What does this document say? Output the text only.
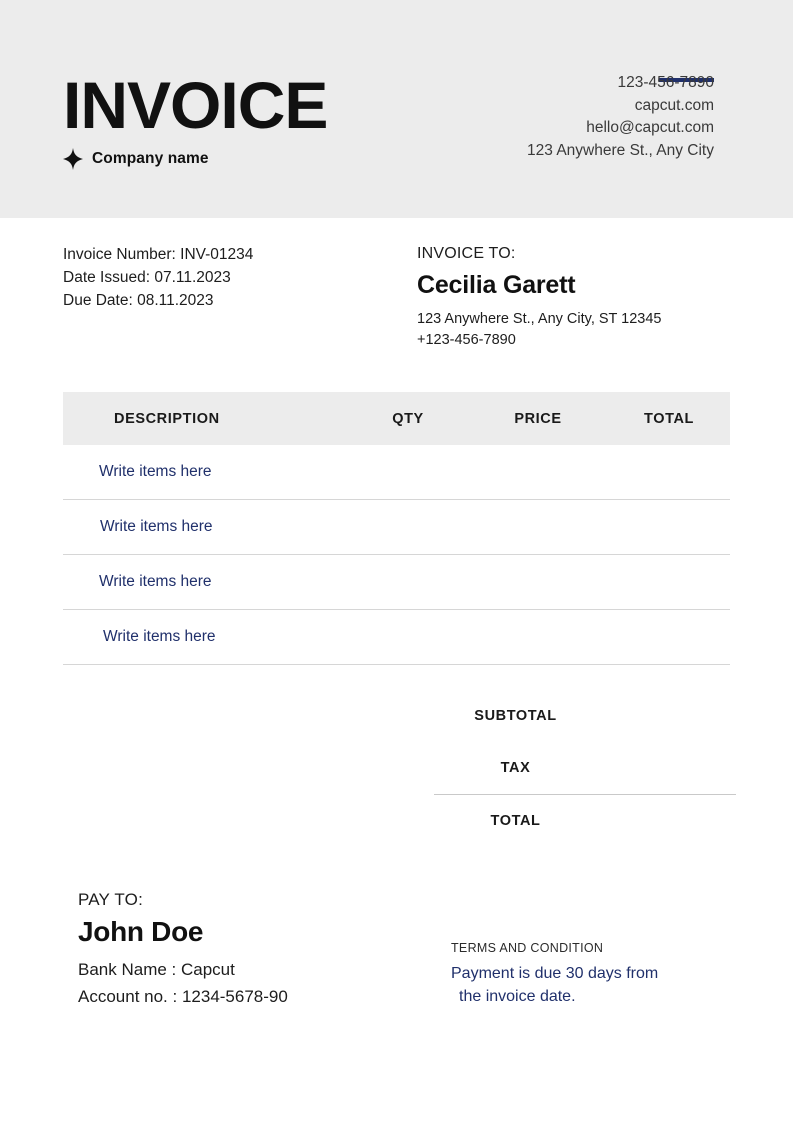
INVOICE
Company name
123-456-7890
capcut.com
hello@capcut.com
123 Anywhere St., Any City
Invoice Number: INV-01234
Date Issued: 07.11.2023
Due Date: 08.11.2023
INVOICE TO:
Cecilia Garett
123 Anywhere St., Any City, ST 12345
+123-456-7890
DESCRIPTION	QTY	PRICE	TOTAL
Write items here
Write items here
Write items here
Write items here
SUBTOTAL
TAX
TOTAL
PAY TO:
John Doe
Bank Name : Capcut
Account no. : 1234-5678-90
TERMS AND CONDITION
Payment is due 30 days from
the invoice date.
